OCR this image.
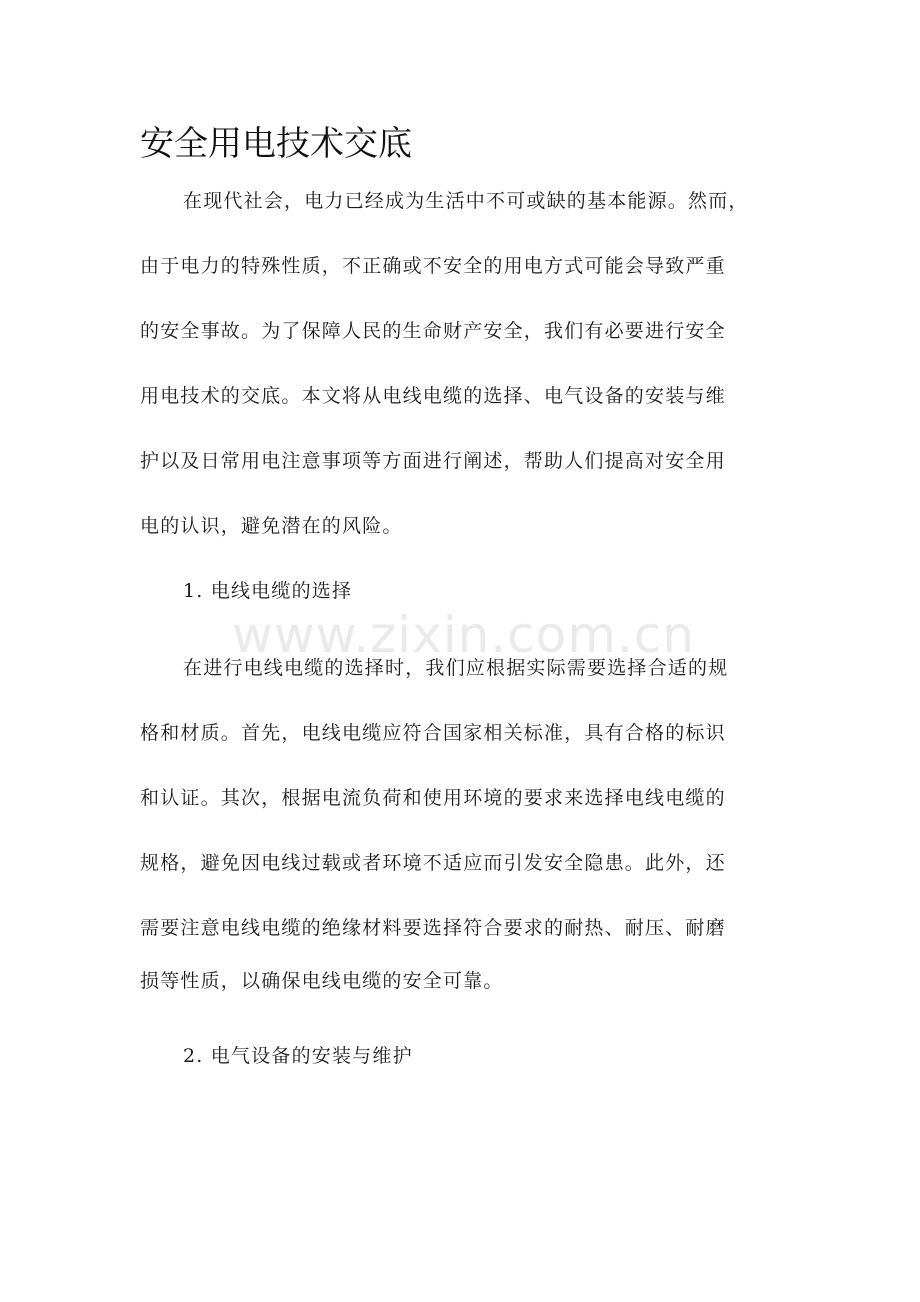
安全用电技术交底

在现代社会，电力已经成为生活中不可或缺的基本能源。然而，

由于电力的特殊性质，不正确或不安全的用电方式可能会导致严重

的安全事故。为了保障人民的生命财产安全，我们有必要进行安全

用电技术的交底。本文将从电线电缆的选择、电气设备的安装与维

护以及日常用电注意事项等方面进行阐述，帮助人们提高对安全用

电的认识，避免潜在的风险。

1. 电线电缆的选择

在进行电线电缆的选择时，我们应根据实际需要选择合适的规

格和材质。首先，电线电缆应符合国家相关标准，具有合格的标识

和认证。其次，根据电流负荷和使用环境的要求来选择电线电缆的

规格，避免因电线过载或者环境不适应而引发安全隐患。此外，还

需要注意电线电缆的绝缘材料要选择符合要求的耐热、耐压、耐磨

损等性质，以确保电线电缆的安全可靠。

2. 电气设备的安装与维护

www.zixin.com.cn
